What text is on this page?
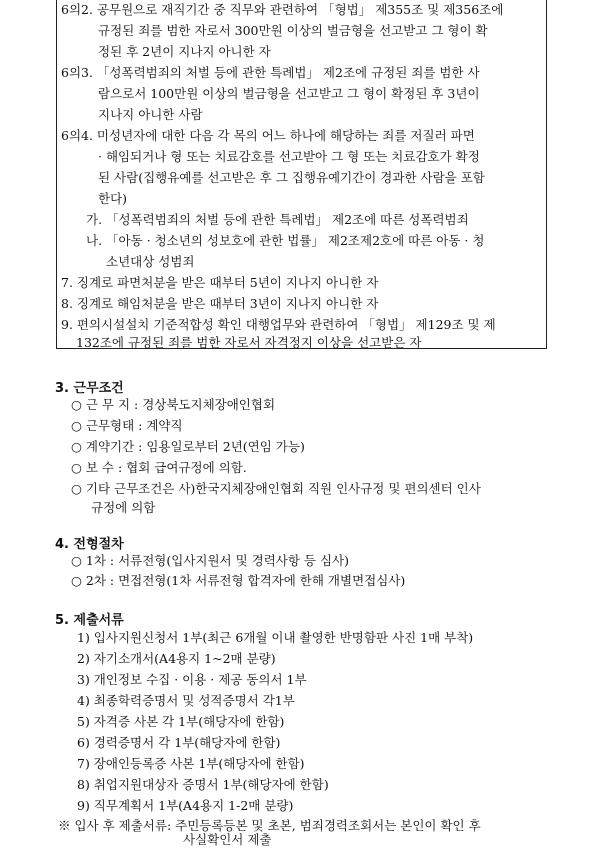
6의2. 공무원으로 재직기간 중 직무와 관련하여 「형법」 제355조 및 제356조에
규정된 죄를 범한 자로서 300만원 이상의 벌금형을 선고받고 그 형이 확
정된 후 2년이 지나지 아니한 자
6의3. 「성폭력범죄의 처벌 등에 관한 특례법」 제2조에 규정된 죄를 범한 사
람으로서 100만원 이상의 벌금형을 선고받고 그 형이 확정된 후 3년이
지나지 아니한 사람
6의4. 미성년자에 대한 다음 각 목의 어느 하나에 해당하는 죄를 저질러 파면
· 해임되거나 형 또는 치료감호를 선고받아 그 형 또는 치료감호가 확정
된 사람(집행유예를 선고받은 후 그 집행유예기간이 경과한 사람을 포함
한다)
가. 「성폭력범죄의 처벌 등에 관한 특례법」 제2조에 따른 성폭력범죄
나. 「아동 · 청소년의 성보호에 관한 법률」 제2조제2호에 따른 아동 · 청
소년대상 성범죄
7. 징계로 파면처분을 받은 때부터 5년이 지나지 아니한 자
8. 징계로 해임처분을 받은 때부터 3년이 지나지 아니한 자
9. 편의시설설치 기준적합성 확인 대행업무와 관련하여 「형법」 제129조 및 제
132조에 규정된 죄를 범한 자로서 자격정지 이상을 선고받은 자
3. 근무조건
○ 근 무 지 : 경상북도지체장애인협회
○ 근무형태 : 계약직
○ 계약기간 : 임용일로부터 2년(연임 가능)
○ 보 수 : 협회 급여규정에 의함.
○ 기타 근무조건은 사)한국지체장애인협회 직원 인사규정 및 편의센터 인사
규정에 의함
4. 전형절차
○ 1차 : 서류전형(입사지원서 및 경력사항 등 심사)
○ 2차 : 면접전형(1차 서류전형 합격자에 한해 개별면접심사)
5. 제출서류
1) 입사지원신청서 1부(최근 6개월 이내 촬영한 반명함판 사진 1매 부착)
2) 자기소개서(A4용지 1~2매 분량)
3) 개인정보 수집 · 이용 · 제공 동의서 1부
4) 최종학력증명서 및 성적증명서 각1부
5) 자격증 사본 각 1부(해당자에 한함)
6) 경력증명서 각 1부(해당자에 한함)
7) 장애인등록증 사본 1부(해당자에 한함)
8) 취업지원대상자 증명서 1부(해당자에 한함)
9) 직무계획서 1부(A4용지 1-2매 분량)
※ 입사 후 제출서류: 주민등록등본 및 초본, 범죄경력조회서는 본인이 확인 후
사실확인서 제출
